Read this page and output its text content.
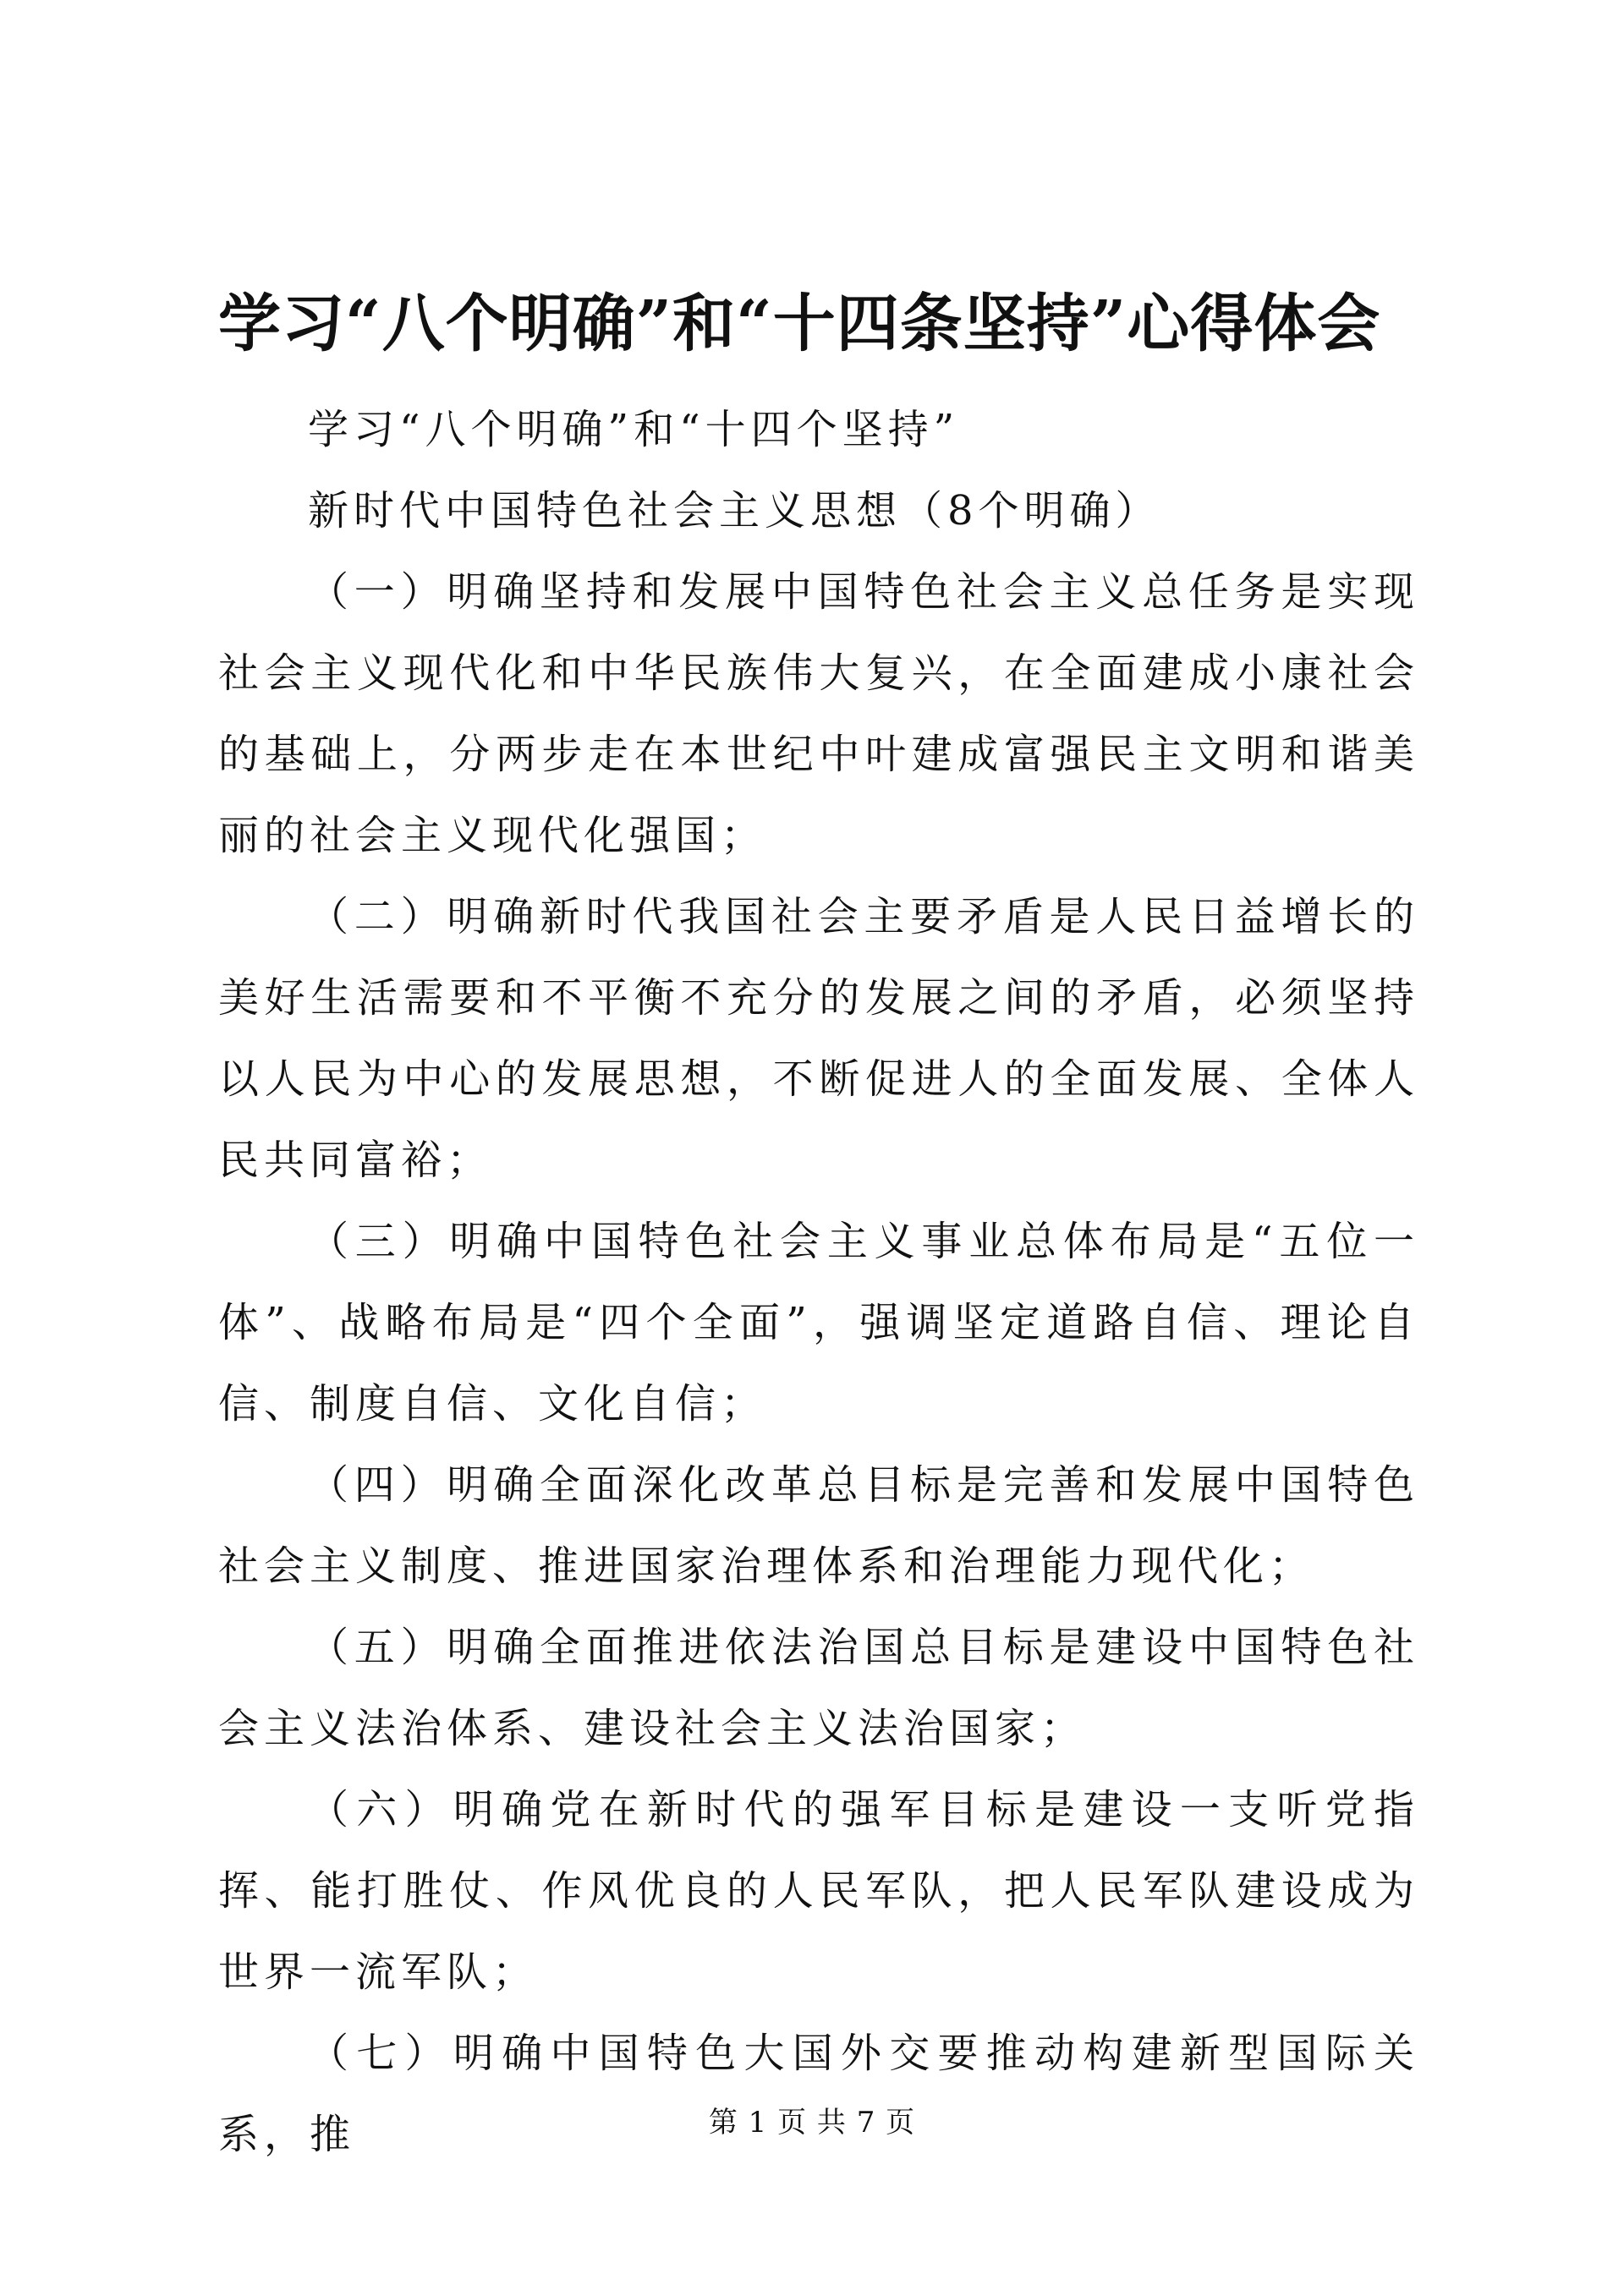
学习“八个明确”和“十四条坚持”心得体会

学习“八个明确”和“十四个坚持”

新时代中国特色社会主义思想（8个明确）

（一）明确坚持和发展中国特色社会主义总任务是实现社会主义现代化和中华民族伟大复兴，在全面建成小康社会的基础上，分两步走在本世纪中叶建成富强民主文明和谐美丽的社会主义现代化强国；

（二）明确新时代我国社会主要矛盾是人民日益增长的美好生活需要和不平衡不充分的发展之间的矛盾，必须坚持以人民为中心的发展思想，不断促进人的全面发展、全体人民共同富裕；

（三）明确中国特色社会主义事业总体布局是“五位一体”、战略布局是“四个全面”，强调坚定道路自信、理论自信、制度自信、文化自信；

（四）明确全面深化改革总目标是完善和发展中国特色社会主义制度、推进国家治理体系和治理能力现代化；

（五）明确全面推进依法治国总目标是建设中国特色社会主义法治体系、建设社会主义法治国家；

（六）明确党在新时代的强军目标是建设一支听党指挥、能打胜仗、作风优良的人民军队，把人民军队建设成为世界一流军队；

（七）明确中国特色大国外交要推动构建新型国际关系，推	第 1 页 共 7 页
